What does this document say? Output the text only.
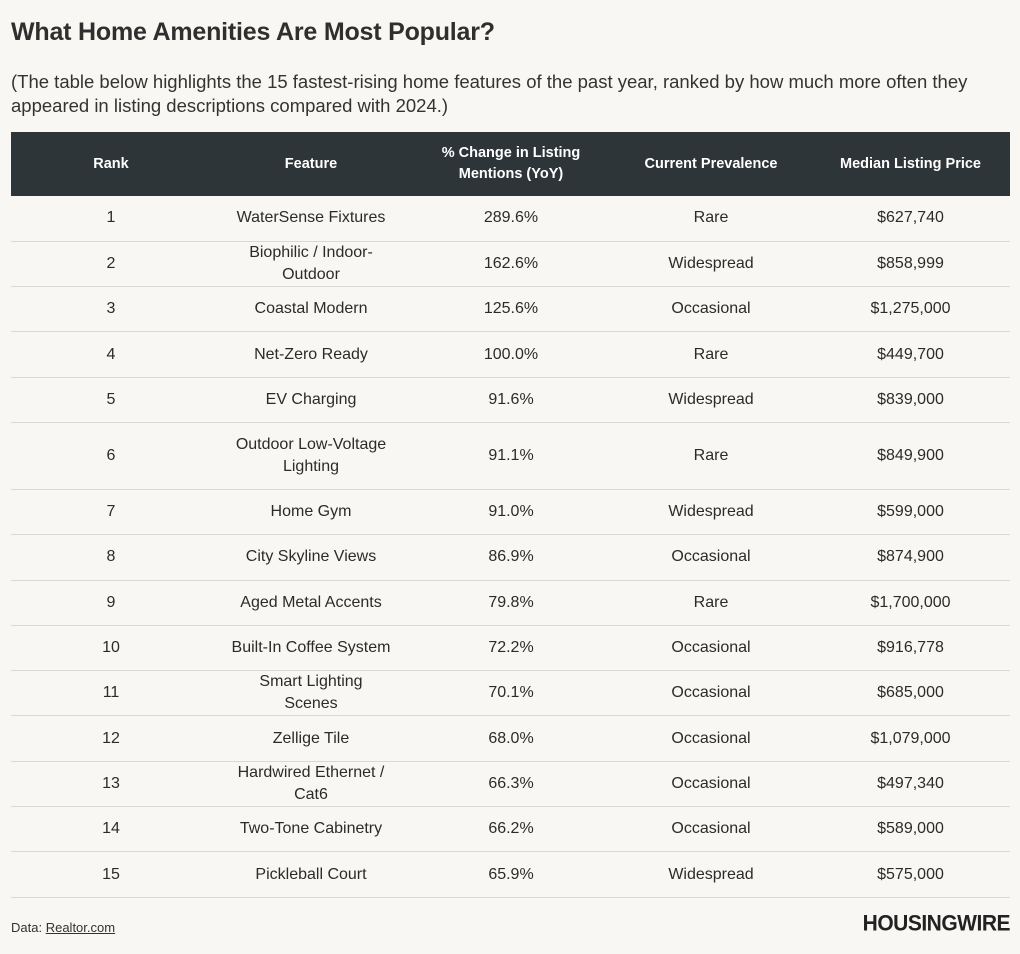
What Home Amenities Are Most Popular?
(The table below highlights the 15 fastest-rising home features of the past year, ranked by how much more often they appeared in listing descriptions compared with 2024.)
Rank	Feature	% Change in Listing Mentions (YoY)	Current Prevalence	Median Listing Price
1	WaterSense Fixtures	289.6%	Rare	$627,740
2	Biophilic / Indoor-Outdoor	162.6%	Widespread	$858,999
3	Coastal Modern	125.6%	Occasional	$1,275,000
4	Net-Zero Ready	100.0%	Rare	$449,700
5	EV Charging	91.6%	Widespread	$839,000
6	Outdoor Low-Voltage Lighting	91.1%	Rare	$849,900
7	Home Gym	91.0%	Widespread	$599,000
8	City Skyline Views	86.9%	Occasional	$874,900
9	Aged Metal Accents	79.8%	Rare	$1,700,000
10	Built-In Coffee System	72.2%	Occasional	$916,778
11	Smart Lighting Scenes	70.1%	Occasional	$685,000
12	Zellige Tile	68.0%	Occasional	$1,079,000
13	Hardwired Ethernet / Cat6	66.3%	Occasional	$497,340
14	Two-Tone Cabinetry	66.2%	Occasional	$589,000
15	Pickleball Court	65.9%	Widespread	$575,000
Data: Realtor.com	HOUSINGWIRE
